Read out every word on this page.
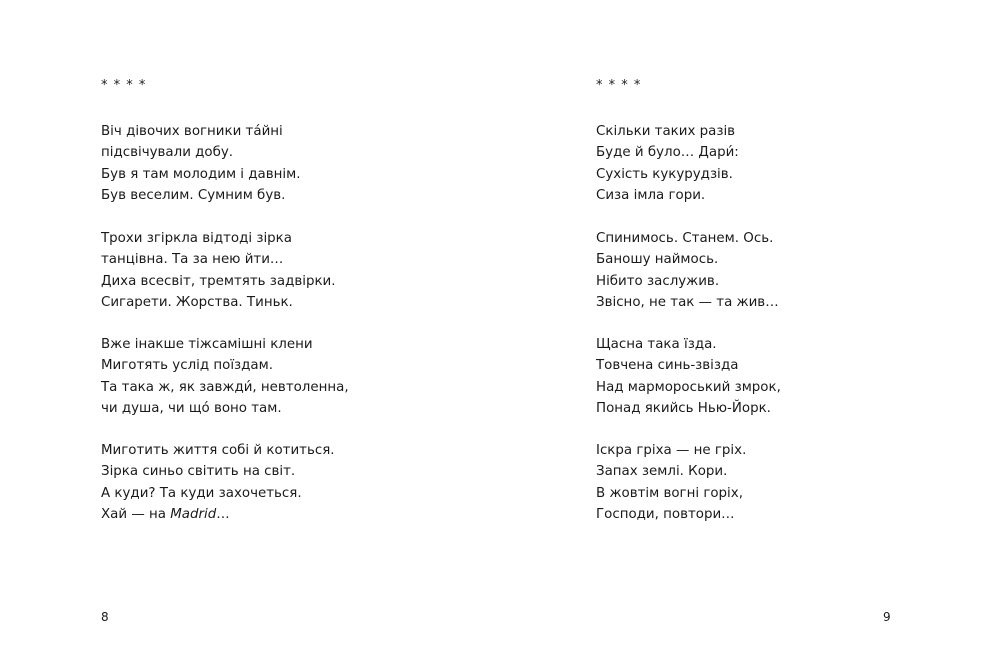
* * * *

Віч дівочих вогники та́йні

підсвічували добу.

Був я там молодим і давнім.

Був веселим. Сумним був.

Трохи згіркла відтоді зірка

танцівна. Та за нею йти…

Диха всесвіт, тремтять задвірки.

Сигарети. Жорства. Тиньк.

Вже інакше тіжсамішні клени

Миготять услід поїздам.

Та така ж, як завжди́, невтоленна,

чи душа, чи що́ воно там.

Миготить життя собі й котиться.

Зірка синьо світить на світ.

А куди? Та куди захочеться.

Хай — на Madrid…

8

* * * *

Скільки таких разів

Буде й було… Дари́:

Сухість кукурудзів.

Сиза імла гори.

Спинимось. Станем. Ось.

Баношу наймось.

Нібито заслужив.

Звісно, не так — та жив…

Щасна така їзда.

Товчена синь-звізда

Над мармороський змрок,

Понад якийсь Нью-Йорк.

Іскра гріха — не гріх.

Запах землі. Кори.

В жовтім вогні горіх,

Господи, повтори…

9
